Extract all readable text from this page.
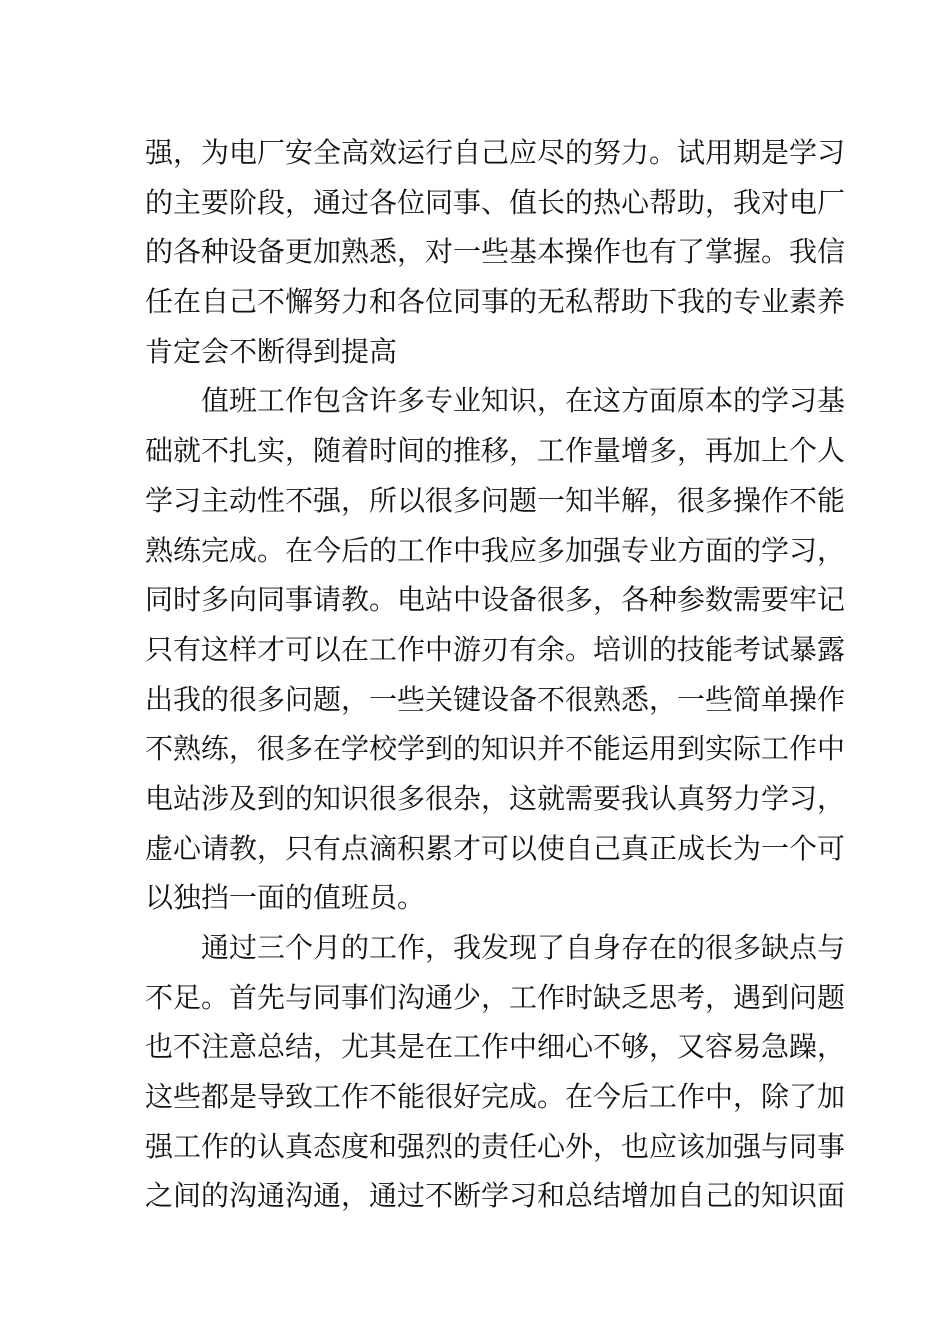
强，为电厂安全高效运行自己应尽的努力。试用期是学习
的主要阶段，通过各位同事、值长的热心帮助，我对电厂
的各种设备更加熟悉，对一些基本操作也有了掌握。我信
任在自己不懈努力和各位同事的无私帮助下我的专业素养
肯定会不断得到提高
值班工作包含许多专业知识，在这方面原本的学习基
础就不扎实，随着时间的推移，工作量增多，再加上个人
学习主动性不强，所以很多问题一知半解，很多操作不能
熟练完成。在今后的工作中我应多加强专业方面的学习，
同时多向同事请教。电站中设备很多，各种参数需要牢记
只有这样才可以在工作中游刃有余。培训的技能考试暴露
出我的很多问题，一些关键设备不很熟悉，一些简单操作
不熟练，很多在学校学到的知识并不能运用到实际工作中
电站涉及到的知识很多很杂，这就需要我认真努力学习，
虚心请教，只有点滴积累才可以使自己真正成长为一个可
以独挡一面的值班员。
通过三个月的工作，我发现了自身存在的很多缺点与
不足。首先与同事们沟通少，工作时缺乏思考，遇到问题
也不注意总结，尤其是在工作中细心不够，又容易急躁，
这些都是导致工作不能很好完成。在今后工作中，除了加
强工作的认真态度和强烈的责任心外，也应该加强与同事
之间的沟通沟通，通过不断学习和总结增加自己的知识面
